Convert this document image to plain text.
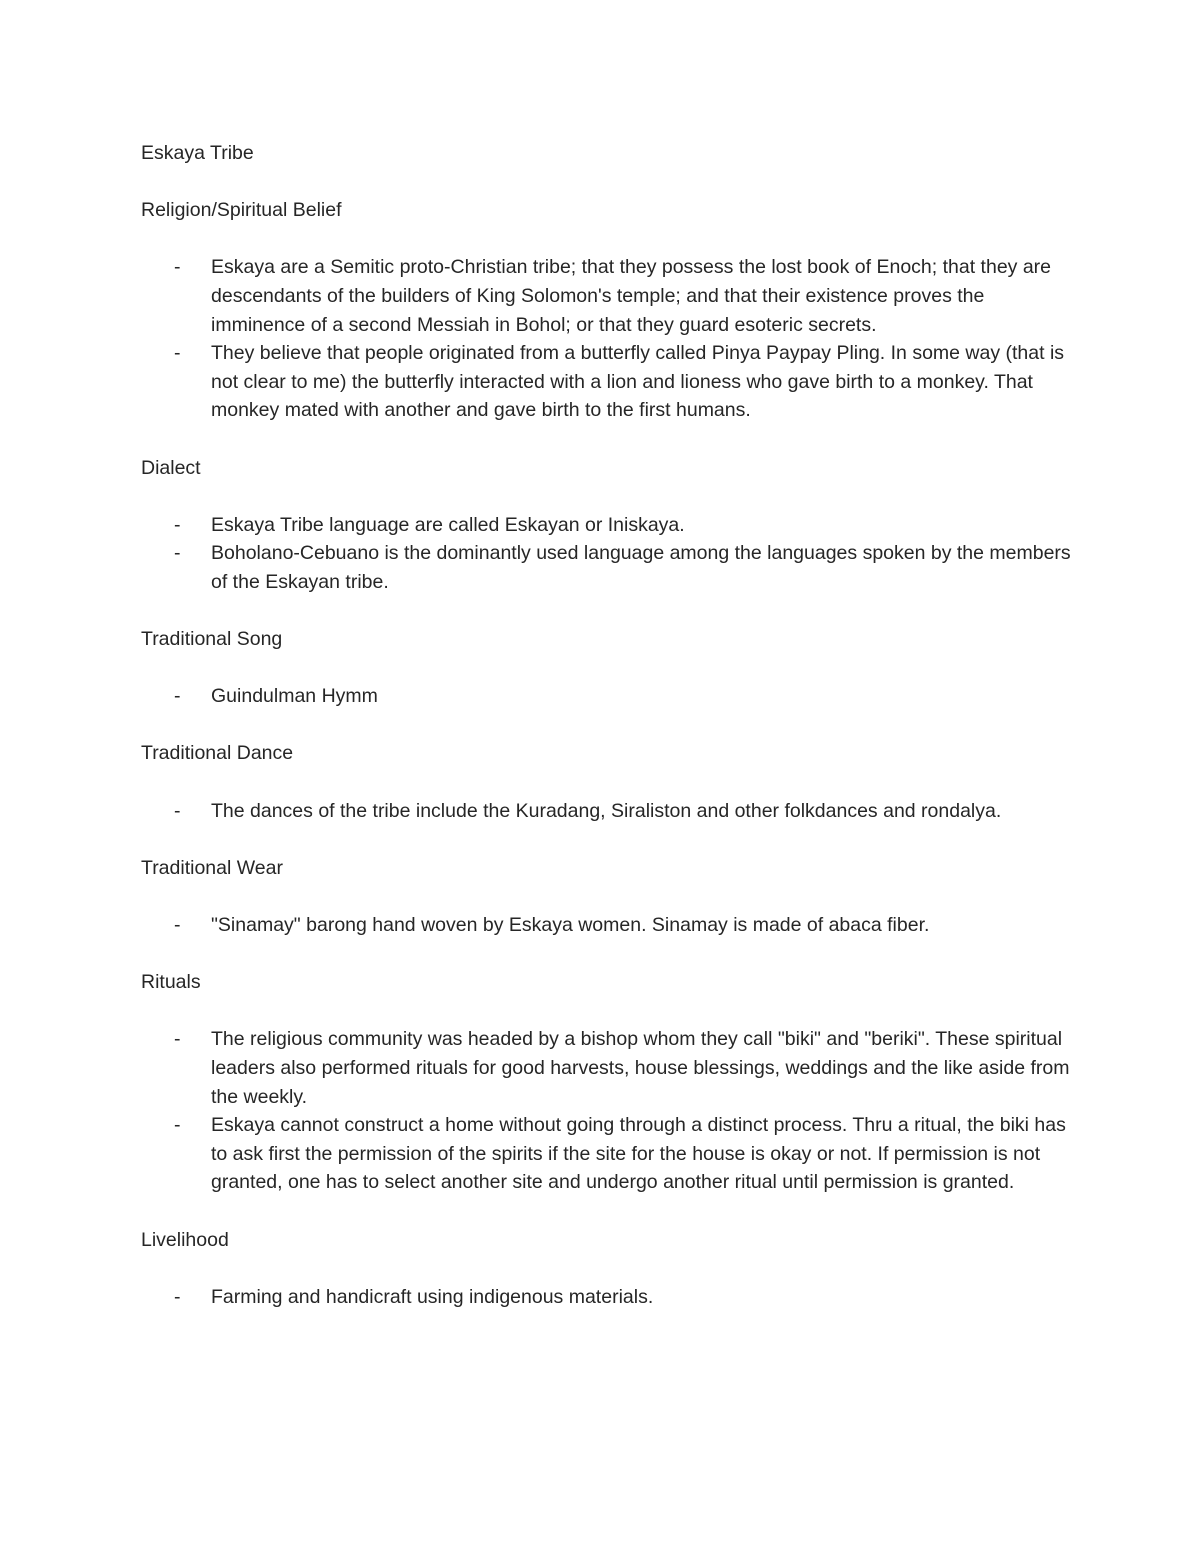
Eskaya Tribe

Religion/Spiritual Belief

- Eskaya are a Semitic proto-Christian tribe; that they possess the lost book of Enoch; that they are descendants of the builders of King Solomon's temple; and that their existence proves the imminence of a second Messiah in Bohol; or that they guard esoteric secrets.
- They believe that people originated from a butterfly called Pinya Paypay Pling. In some way (that is not clear to me) the butterfly interacted with a lion and lioness who gave birth to a monkey. That monkey mated with another and gave birth to the first humans.

Dialect

- Eskaya Tribe language are called Eskayan or Iniskaya.
- Boholano-Cebuano is the dominantly used language among the languages spoken by the members of the Eskayan tribe.

Traditional Song

- Guindulman Hymm

Traditional Dance

- The dances of the tribe include the Kuradang, Siraliston and other folkdances and rondalya.

Traditional Wear

- "Sinamay" barong hand woven by Eskaya women. Sinamay is made of abaca fiber.

Rituals

- The religious community was headed by a bishop whom they call "biki" and "beriki". These spiritual leaders also performed rituals for good harvests, house blessings, weddings and the like aside from the weekly.
- Eskaya cannot construct a home without going through a distinct process. Thru a ritual, the biki has to ask first the permission of the spirits if the site for the house is okay or not. If permission is not granted, one has to select another site and undergo another ritual until permission is granted.

Livelihood

- Farming and handicraft using indigenous materials.
